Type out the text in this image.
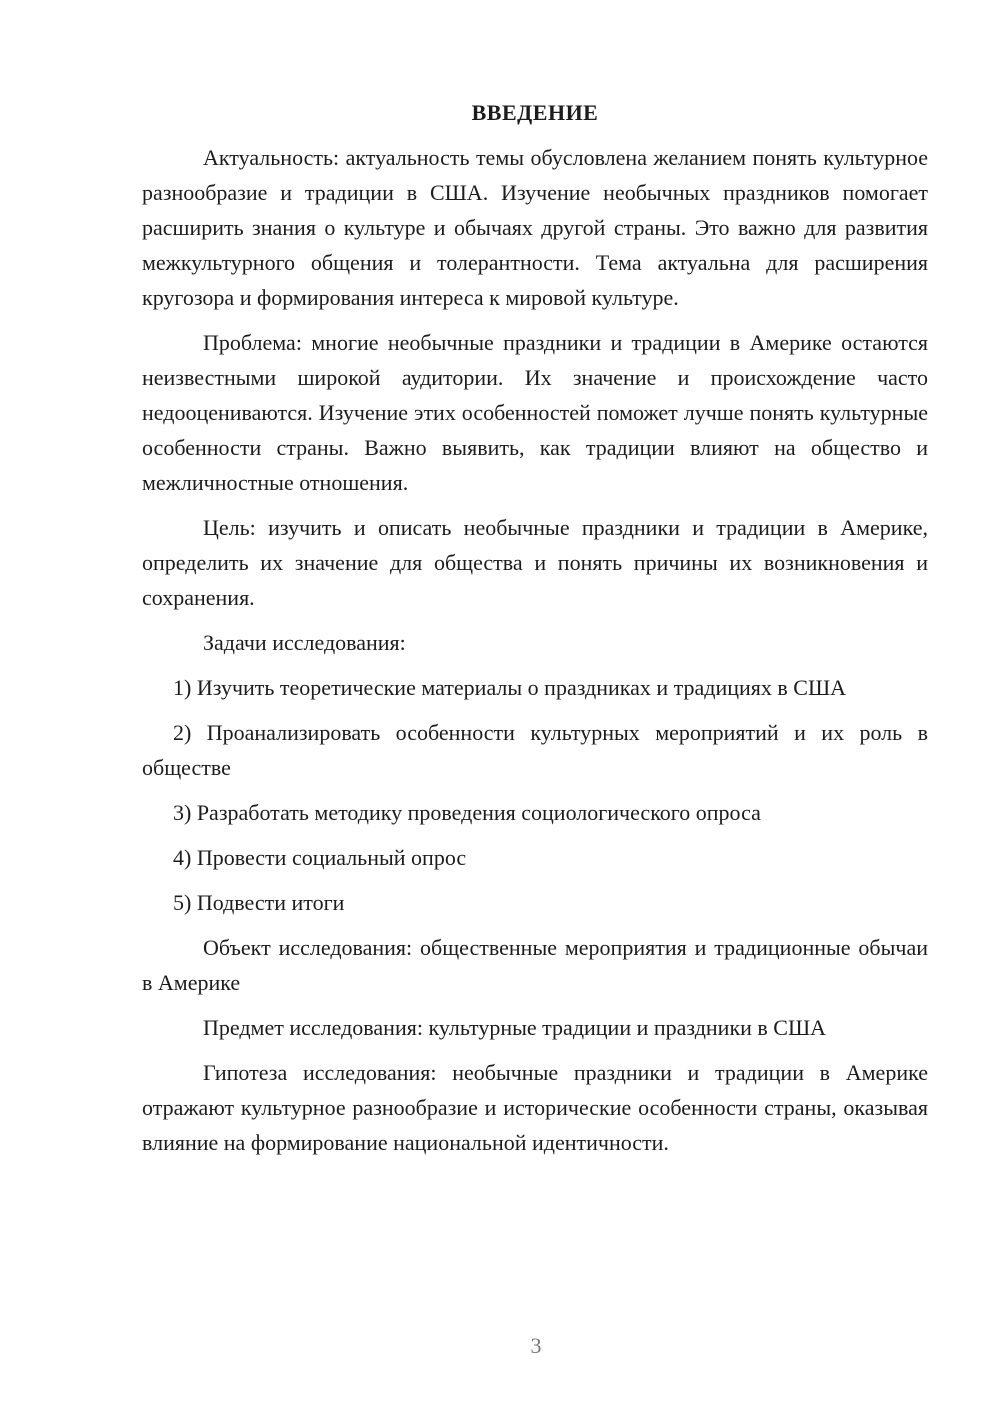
ВВЕДЕНИЕ

Актуальность: актуальность темы обусловлена желанием понять культурное разнообразие и традиции в США. Изучение необычных праздников помогает расширить знания о культуре и обычаях другой страны. Это важно для развития межкультурного общения и толерантности. Тема актуальна для расширения кругозора и формирования интереса к мировой культуре.

Проблема: многие необычные праздники и традиции в Америке остаются неизвестными широкой аудитории. Их значение и происхождение часто недооцениваются. Изучение этих особенностей поможет лучше понять культурные особенности страны. Важно выявить, как традиции влияют на общество и межличностные отношения.

Цель: изучить и описать необычные праздники и традиции в Америке, определить их значение для общества и понять причины их возникновения и сохранения.

Задачи исследования:

1) Изучить теоретические материалы о праздниках и традициях в США

2) Проанализировать особенности культурных мероприятий и их роль в обществе

3) Разработать методику проведения социологического опроса

4) Провести социальный опрос

5) Подвести итоги

Объект исследования: общественные мероприятия и традиционные обычаи в Америке

Предмет исследования: культурные традиции и праздники в США

Гипотеза исследования: необычные праздники и традиции в Америке отражают культурное разнообразие и исторические особенности страны, оказывая влияние на формирование национальной идентичности.

3
